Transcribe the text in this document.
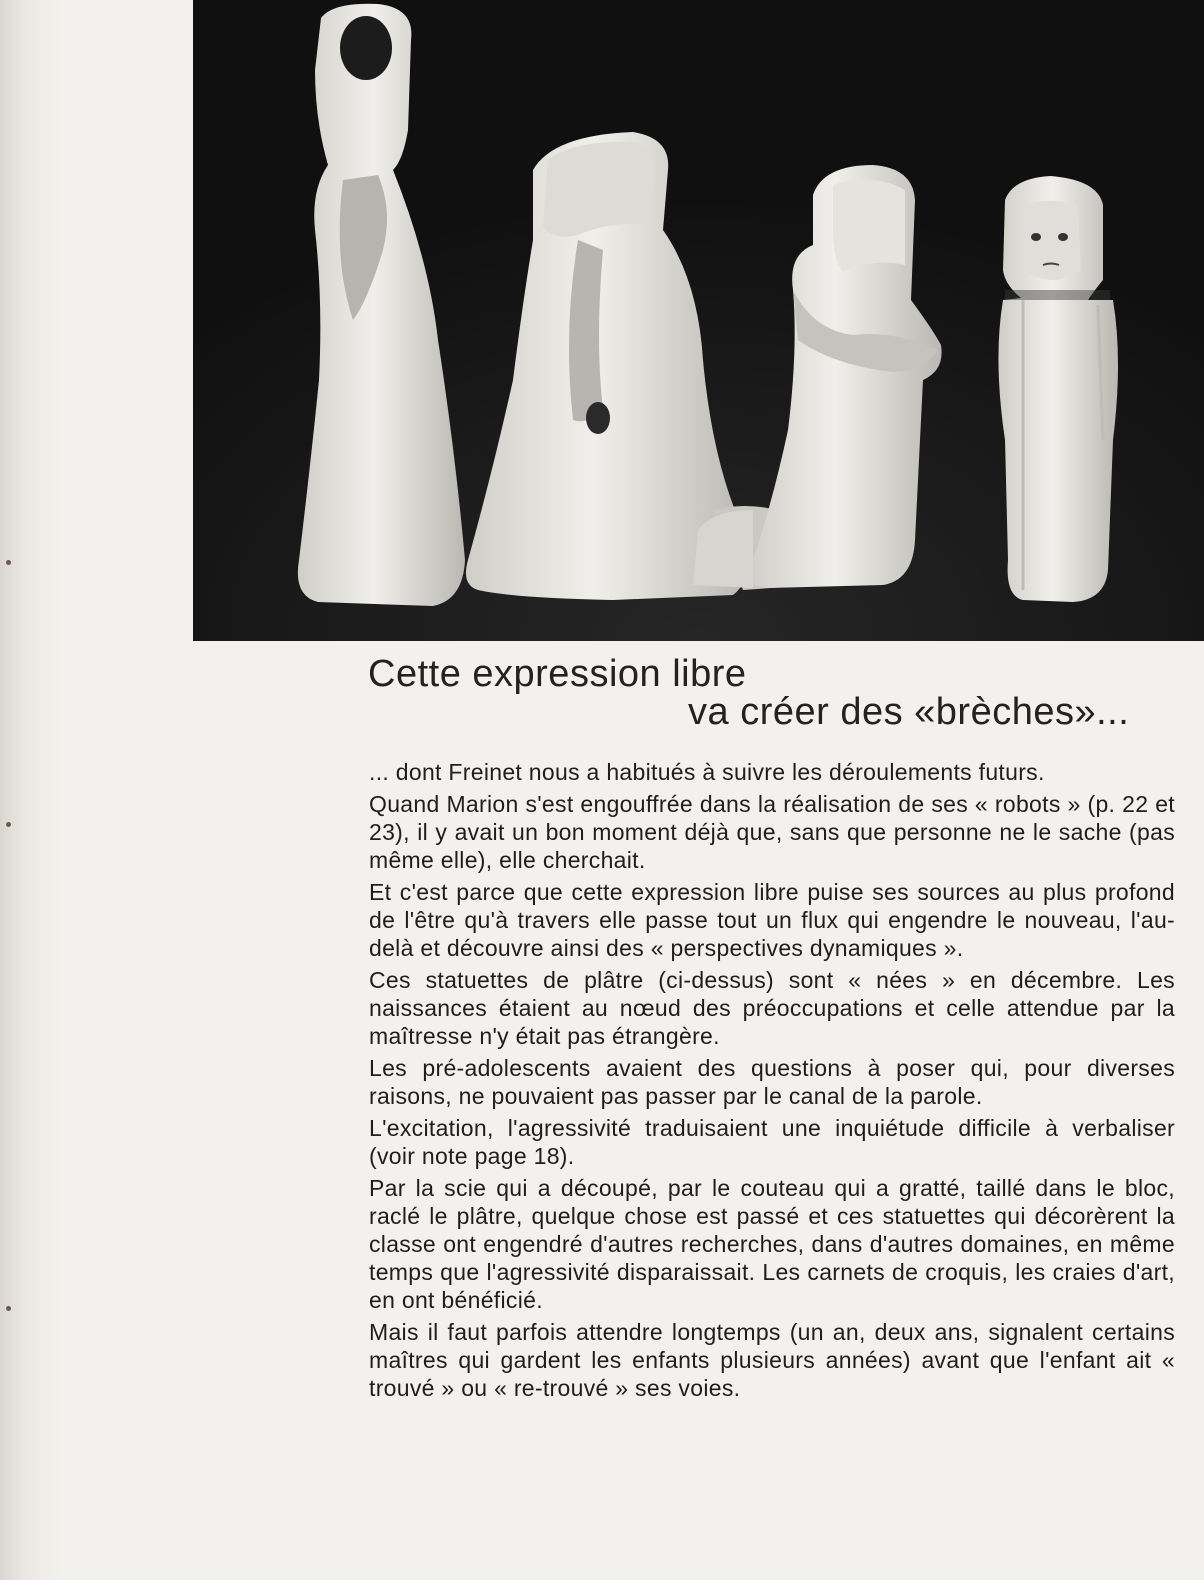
Cette expression libre
va créer des «brèches»...

... dont Freinet nous a habitués à suivre les déroulements futurs.

Quand Marion s'est engouffrée dans la réalisation de ses « robots » (p. 22 et 23), il y avait un bon moment déjà que, sans que personne ne le sache (pas même elle), elle cherchait.

Et c'est parce que cette expression libre puise ses sources au plus profond de l'être qu'à travers elle passe tout un flux qui engendre le nouveau, l'au-delà et découvre ainsi des « perspectives dynamiques ».

Ces statuettes de plâtre (ci-dessus) sont « nées » en décembre. Les naissances étaient au nœud des préoccupations et celle attendue par la maîtresse n'y était pas étrangère.

Les pré-adolescents avaient des questions à poser qui, pour diverses raisons, ne pouvaient pas passer par le canal de la parole.

L'excitation, l'agressivité traduisaient une inquiétude difficile à verbaliser (voir note page 18).

Par la scie qui a découpé, par le couteau qui a gratté, taillé dans le bloc, raclé le plâtre, quelque chose est passé et ces statuettes qui décorèrent la classe ont engendré d'autres recherches, dans d'autres domaines, en même temps que l'agressivité disparaissait. Les carnets de croquis, les craies d'art, en ont bénéficié.

Mais il faut parfois attendre longtemps (un an, deux ans, signalent certains maîtres qui gardent les enfants plusieurs années) avant que l'enfant ait « trouvé » ou « re-trouvé » ses voies.
